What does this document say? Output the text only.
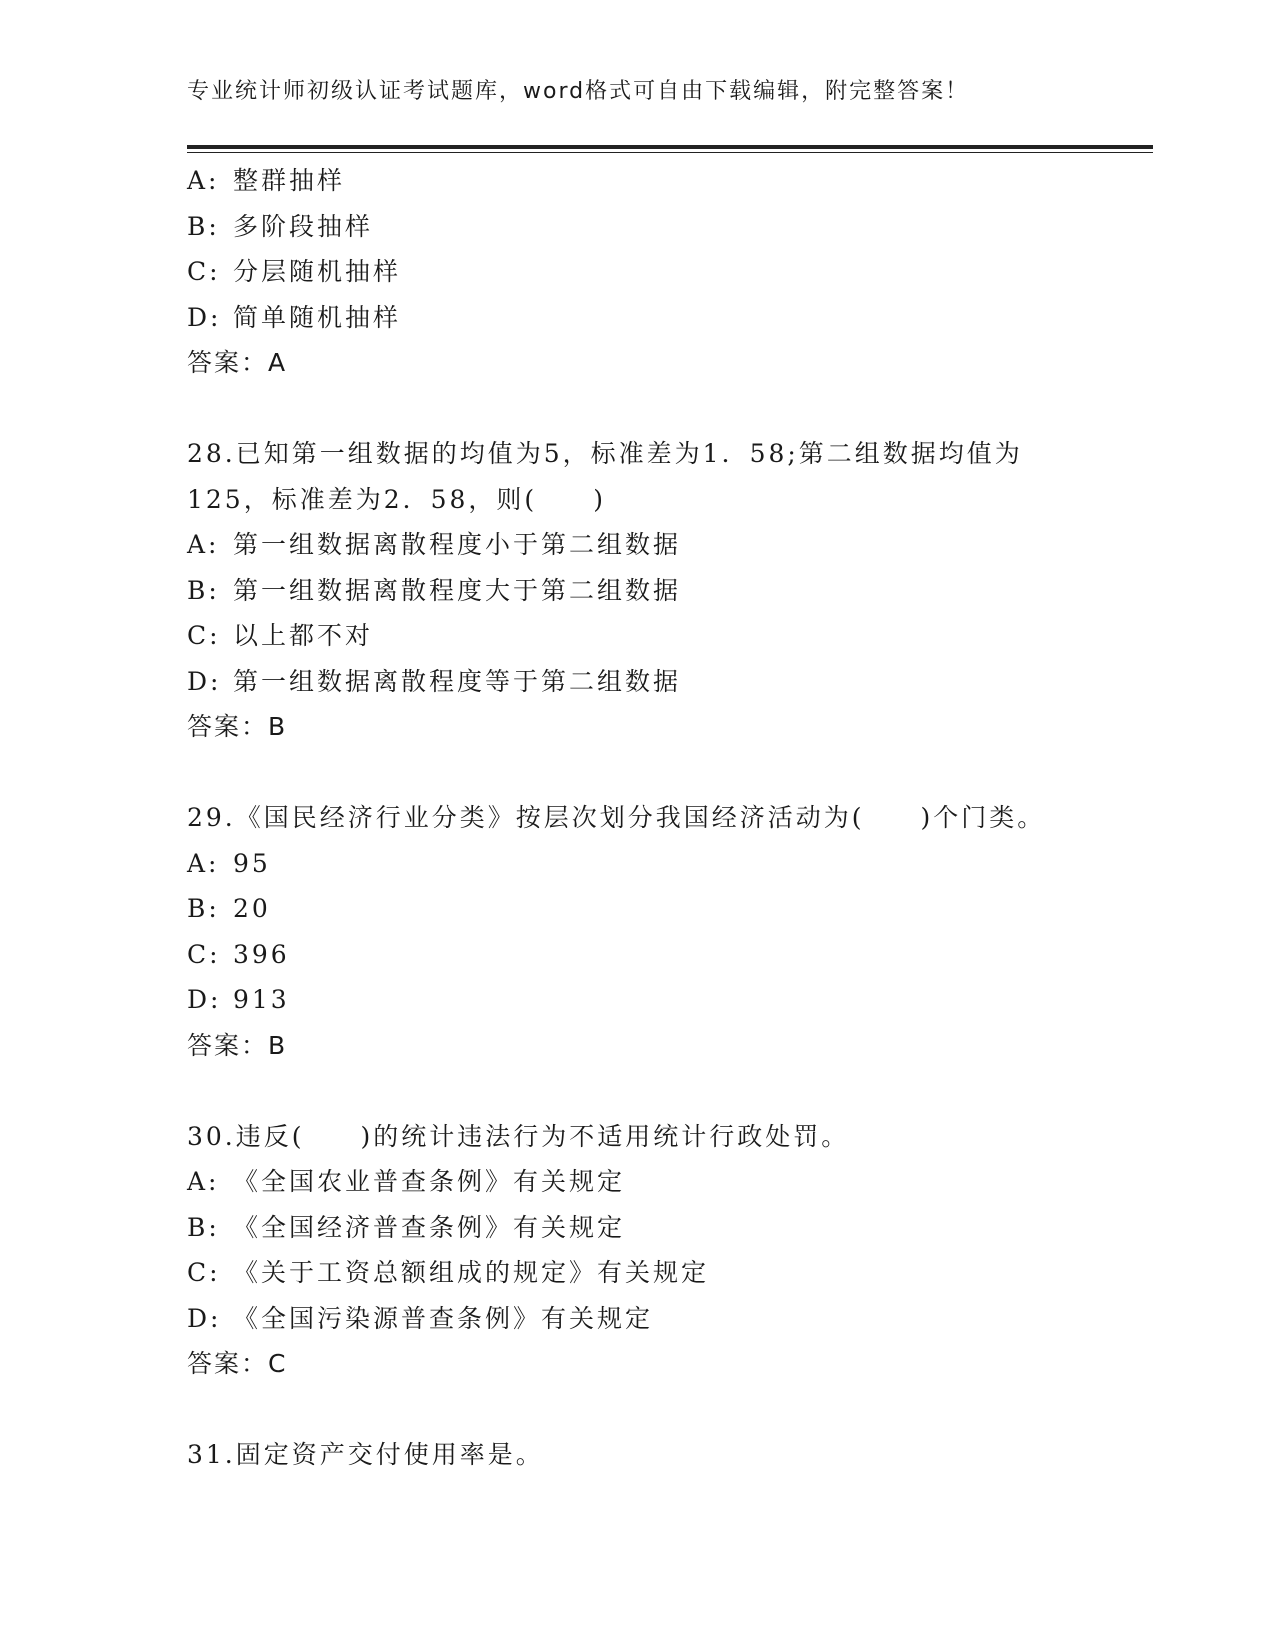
专业统计师初级认证考试题库，word格式可自由下载编辑，附完整答案！
A: 整群抽样
B: 多阶段抽样
C: 分层随机抽样
D: 简单随机抽样
答案：A
28.已知第一组数据的均值为5，标准差为1．58;第二组数据均值为
125，标准差为2．58，则(　　)
A: 第一组数据离散程度小于第二组数据
B: 第一组数据离散程度大于第二组数据
C: 以上都不对
D: 第一组数据离散程度等于第二组数据
答案：B
29.《国民经济行业分类》按层次划分我国经济活动为(　　)个门类。
A: 95
B: 20
C: 396
D: 913
答案：B
30.违反(　　)的统计违法行为不适用统计行政处罚。
A: 《全国农业普查条例》有关规定
B: 《全国经济普查条例》有关规定
C: 《关于工资总额组成的规定》有关规定
D: 《全国污染源普查条例》有关规定
答案：C
31.固定资产交付使用率是。
